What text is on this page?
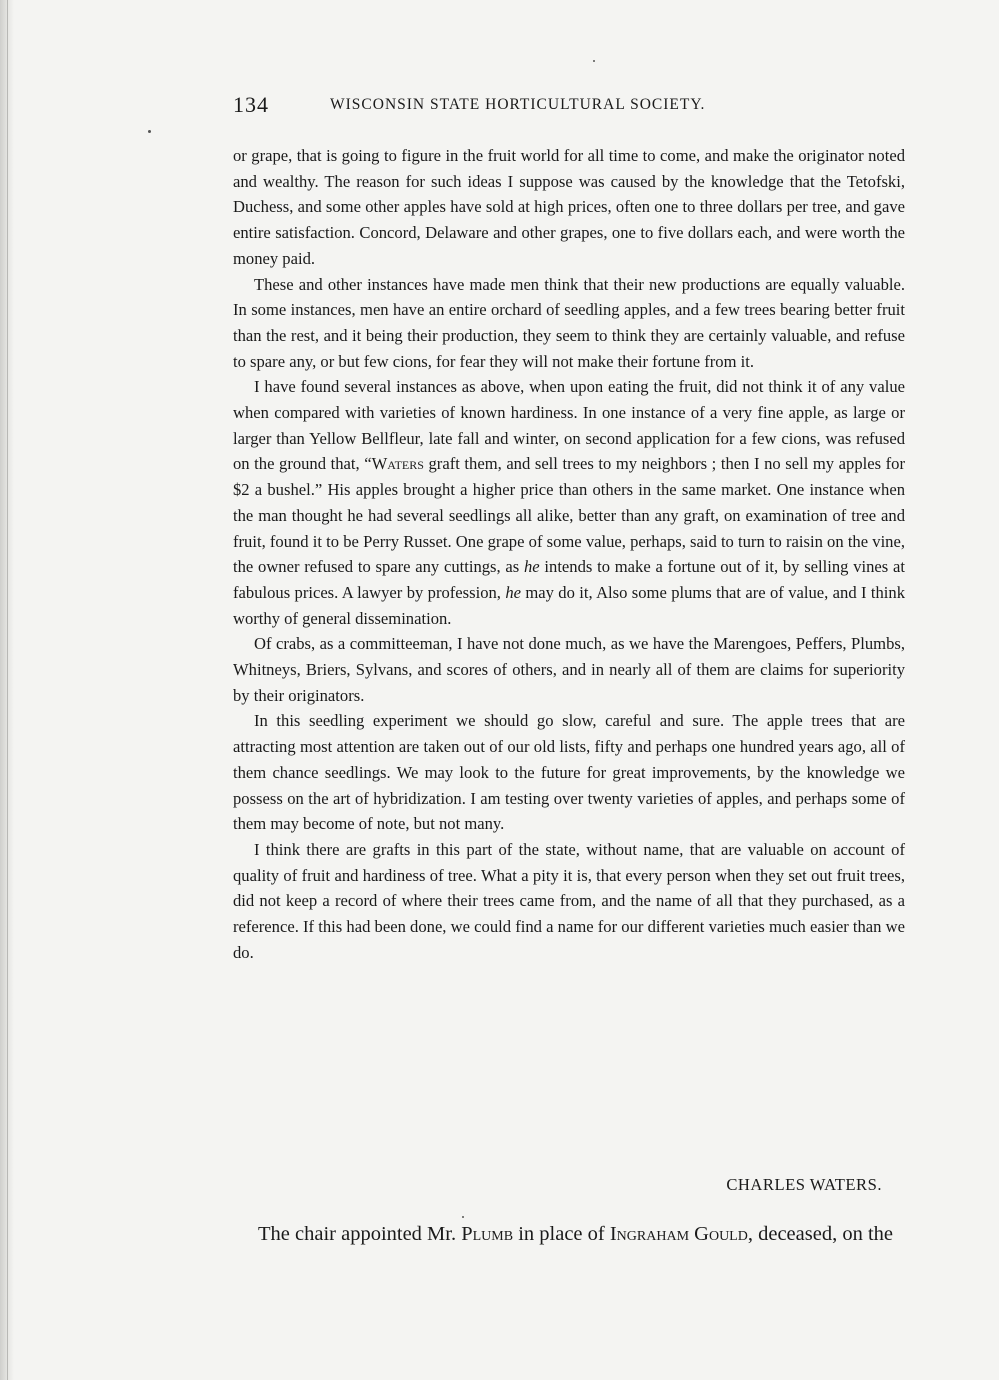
134	WISCONSIN STATE HORTICULTURAL SOCIETY.

or grape, that is going to figure in the fruit world for all time to come, and make the originator noted and wealthy. The reason for such ideas I suppose was caused by the knowledge that the Tetofski, Duchess, and some other apples have sold at high prices, often one to three dollars per tree, and gave entire satisfaction. Concord, Delaware and other grapes, one to five dollars each, and were worth the money paid.

These and other instances have made men think that their new productions are equally valuable. In some instances, men have an entire orchard of seedling apples, and a few trees bearing better fruit than the rest, and it being their production, they seem to think they are certainly valuable, and refuse to spare any, or but few cions, for fear they will not make their fortune from it.

I have found several instances as above, when upon eating the fruit, did not think it of any value when compared with varieties of known hardiness. In one instance of a very fine apple, as large or larger than Yellow Bellfleur, late fall and winter, on second application for a few cions, was refused on the ground that, “Waters graft them, and sell trees to my neighbors ; then I no sell my apples for $2 a bushel.” His apples brought a higher price than others in the same market. One instance when the man thought he had several seedlings all alike, better than any graft, on examination of tree and fruit, found it to be Perry Russet. One grape of some value, perhaps, said to turn to raisin on the vine, the owner refused to spare any cuttings, as he intends to make a fortune out of it, by selling vines at fabulous prices. A lawyer by profession, he may do it, Also some plums that are of value, and I think worthy of general dissemination.

Of crabs, as a committeeman, I have not done much, as we have the Marengoes, Peffers, Plumbs, Whitneys, Briers, Sylvans, and scores of others, and in nearly all of them are claims for superiority by their originators.

In this seedling experiment we should go slow, careful and sure. The apple trees that are attracting most attention are taken out of our old lists, fifty and perhaps one hundred years ago, all of them chance seedlings. We may look to the future for great improvements, by the knowledge we possess on the art of hybridization. I am testing over twenty varieties of apples, and perhaps some of them may become of note, but not many.

I think there are grafts in this part of the state, without name, that are valuable on account of quality of fruit and hardiness of tree. What a pity it is, that every person when they set out fruit trees, did not keep a record of where their trees came from, and the name of all that they purchased, as a reference. If this had been done, we could find a name for our different varieties much easier than we do.

CHARLES WATERS.

The chair appointed Mr. Plumb in place of Ingraham Gould, deceased, on the
